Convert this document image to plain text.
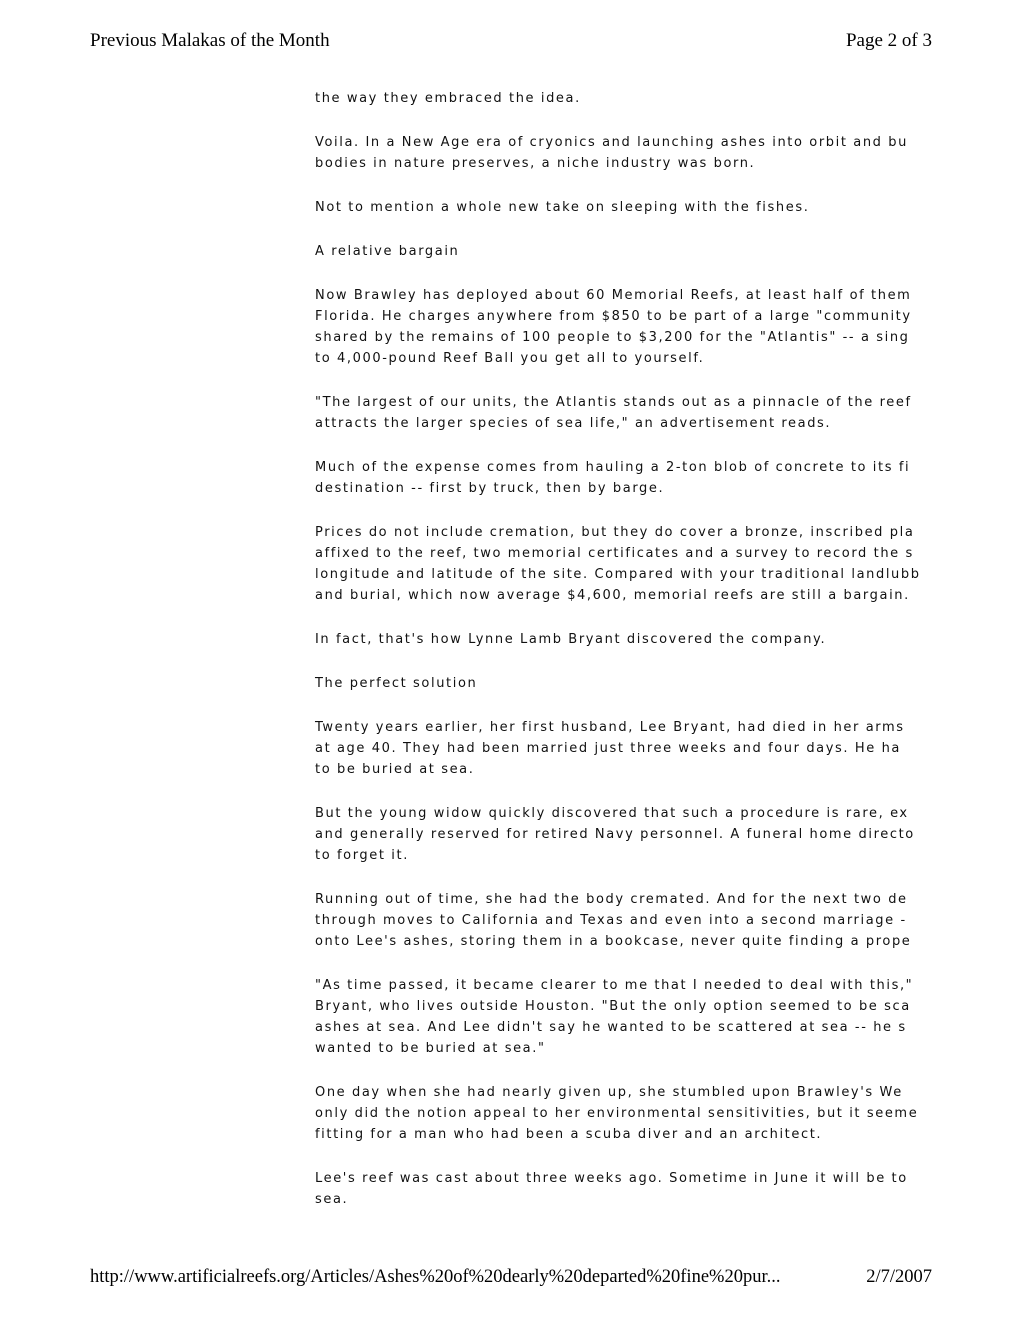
Previous Malakas of the Month	Page 2 of 3
the way they embraced the idea.
Voila. In a New Age era of cryonics and launching ashes into orbit and bu
bodies in nature preserves, a niche industry was born.
Not to mention a whole new take on sleeping with the fishes.
A relative bargain
Now Brawley has deployed about 60 Memorial Reefs, at least half of them
Florida. He charges anywhere from $850 to be part of a large "community
shared by the remains of 100 people to $3,200 for the "Atlantis" -- a sing
to 4,000-pound Reef Ball you get all to yourself.
"The largest of our units, the Atlantis stands out as a pinnacle of the reef
attracts the larger species of sea life," an advertisement reads.
Much of the expense comes from hauling a 2-ton blob of concrete to its fi
destination -- first by truck, then by barge.
Prices do not include cremation, but they do cover a bronze, inscribed pla
affixed to the reef, two memorial certificates and a survey to record the s
longitude and latitude of the site. Compared with your traditional landlubb
and burial, which now average $4,600, memorial reefs are still a bargain.
In fact, that's how Lynne Lamb Bryant discovered the company.
The perfect solution
Twenty years earlier, her first husband, Lee Bryant, had died in her arms
at age 40. They had been married just three weeks and four days. He ha
to be buried at sea.
But the young widow quickly discovered that such a procedure is rare, ex
and generally reserved for retired Navy personnel. A funeral home directo
to forget it.
Running out of time, she had the body cremated. And for the next two de
through moves to California and Texas and even into a second marriage -
onto Lee's ashes, storing them in a bookcase, never quite finding a prope
"As time passed, it became clearer to me that I needed to deal with this,"
Bryant, who lives outside Houston. "But the only option seemed to be sca
ashes at sea. And Lee didn't say he wanted to be scattered at sea -- he s
wanted to be buried at sea."
One day when she had nearly given up, she stumbled upon Brawley's We
only did the notion appeal to her environmental sensitivities, but it seeme
fitting for a man who had been a scuba diver and an architect.
Lee's reef was cast about three weeks ago. Sometime in June it will be to
sea.
http://www.artificialreefs.org/Articles/Ashes%20of%20dearly%20departed%20fine%20pur...	2/7/2007
